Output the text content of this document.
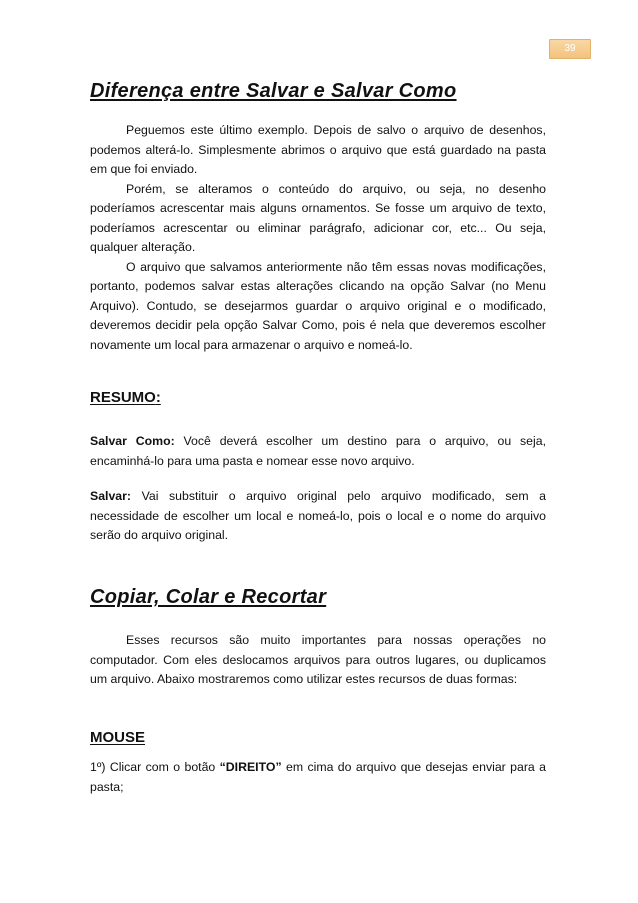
39
Diferença entre Salvar e Salvar Como

Peguemos este último exemplo. Depois de salvo o arquivo de desenhos, podemos alterá-lo. Simplesmente abrimos o arquivo que está guardado na pasta em que foi enviado.

Porém, se alteramos o conteúdo do arquivo, ou seja, no desenho poderíamos acrescentar mais alguns ornamentos. Se fosse um arquivo de texto, poderíamos acrescentar ou eliminar parágrafo, adicionar cor, etc... Ou seja, qualquer alteração.

O arquivo que salvamos anteriormente não têm essas novas modificações, portanto, podemos salvar estas alterações clicando na opção Salvar (no Menu Arquivo). Contudo, se desejarmos guardar o arquivo original e o modificado, deveremos decidir pela opção Salvar Como, pois é nela que deveremos escolher novamente um local para armazenar o arquivo e nomeá-lo.

RESUMO:

Salvar Como: Você deverá escolher um destino para o arquivo, ou seja, encaminhá-lo para uma pasta e nomear esse novo arquivo.

Salvar: Vai substituir o arquivo original pelo arquivo modificado, sem a necessidade de escolher um local e nomeá-lo, pois o local e o nome do arquivo serão do arquivo original.

Copiar, Colar e Recortar

Esses recursos são muito importantes para nossas operações no computador. Com eles deslocamos arquivos para outros lugares, ou duplicamos um arquivo. Abaixo mostraremos como utilizar estes recursos de duas formas:

MOUSE

1º) Clicar com o botão “DIREITO” em cima do arquivo que desejas enviar para a pasta;
